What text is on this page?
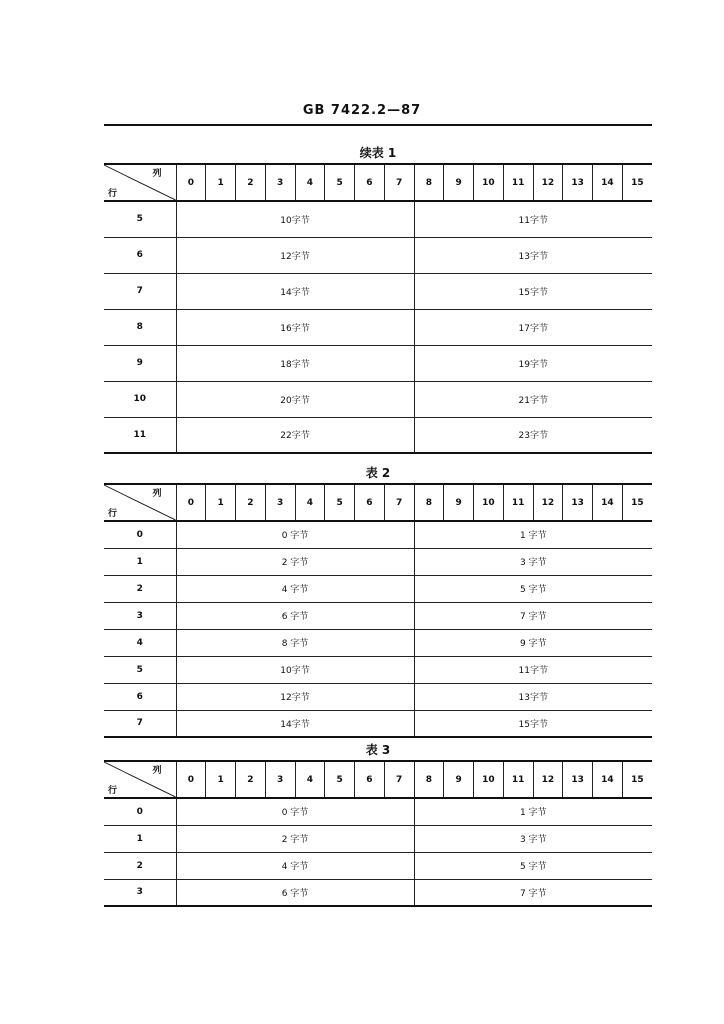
GB 7422.2—87
续表 1
列
行	0	1	2	3	4	5	6	7	8	9	10	11	12	13	14	15
5	10字节								11字节							
6	12字节								13字节							
7	14字节								15字节							
8	16字节								17字节							
9	18字节								19字节							
10	20字节								21字节							
11	22字节								23字节							
表 2
列
行	0	1	2	3	4	5	6	7	8	9	10	11	12	13	14	15
0	0 字节								1 字节							
1	2 字节								3 字节							
2	4 字节								5 字节							
3	6 字节								7 字节							
4	8 字节								9 字节							
5	10字节								11字节							
6	12字节								13字节							
7	14字节								15字节							
表 3
列
行	0	1	2	3	4	5	6	7	8	9	10	11	12	13	14	15
0	0 字节								1 字节							
1	2 字节								3 字节							
2	4 字节								5 字节							
3	6 字节								7 字节							
